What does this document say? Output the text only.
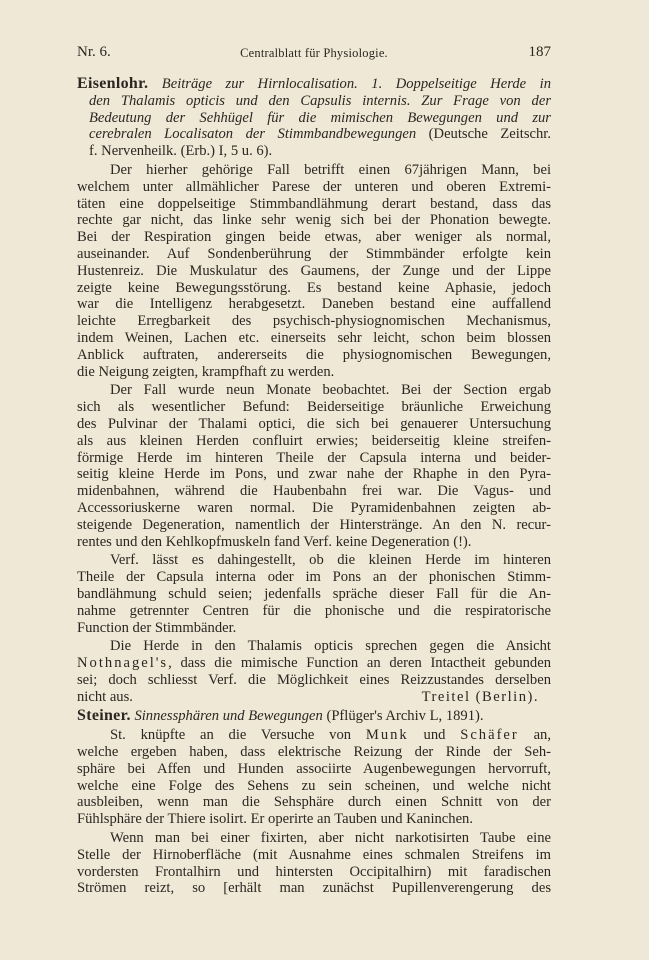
Nr. 6.	Centralblatt für Physiologie.	187
Eisenlohr. Beiträge zur Hirnlocalisation. 1. Doppelseitige Herde in
den Thalamis opticis und den Capsulis internis. Zur Frage von der
Bedeutung der Sehhügel für die mimischen Bewegungen und zur
cerebralen Localisaton der Stimmbandbewegungen (Deutsche Zeitschr.
f. Nervenheilk. (Erb.) I, 5 u. 6).
Der hierher gehörige Fall betrifft einen 67jährigen Mann, bei
welchem unter allmählicher Parese der unteren und oberen Extremi-
täten eine doppelseitige Stimmbandlähmung derart bestand, dass das
rechte gar nicht, das linke sehr wenig sich bei der Phonation bewegte.
Bei der Respiration gingen beide etwas, aber weniger als normal,
auseinander. Auf Sondenberührung der Stimmbänder erfolgte kein
Hustenreiz. Die Muskulatur des Gaumens, der Zunge und der Lippe
zeigte keine Bewegungsstörung. Es bestand keine Aphasie, jedoch
war die Intelligenz herabgesetzt. Daneben bestand eine auffallend
leichte Erregbarkeit des psychisch-physiognomischen Mechanismus,
indem Weinen, Lachen etc. einerseits sehr leicht, schon beim blossen
Anblick auftraten, andererseits die physiognomischen Bewegungen,
die Neigung zeigten, krampfhaft zu werden.
Der Fall wurde neun Monate beobachtet. Bei der Section ergab
sich als wesentlicher Befund: Beiderseitige bräunliche Erweichung
des Pulvinar der Thalami optici, die sich bei genauerer Untersuchung
als aus kleinen Herden confluirt erwies; beiderseitig kleine streifen-
förmige Herde im hinteren Theile der Capsula interna und beider-
seitig kleine Herde im Pons, und zwar nahe der Rhaphe in den Pyra-
midenbahnen, während die Haubenbahn frei war. Die Vagus- und
Accessoriuskerne waren normal. Die Pyramidenbahnen zeigten ab-
steigende Degeneration, namentlich der Hinterstränge. An den N. recur-
rentes und den Kehlkopfmuskeln fand Verf. keine Degeneration (!).
Verf. lässt es dahingestellt, ob die kleinen Herde im hinteren
Theile der Capsula interna oder im Pons an der phonischen Stimm-
bandlähmung schuld seien; jedenfalls spräche dieser Fall für die An-
nahme getrennter Centren für die phonische und die respiratorische
Function der Stimmbänder.
Die Herde in den Thalamis opticis sprechen gegen die Ansicht
Nothnagel's, dass die mimische Function an deren Intactheit gebunden
sei; doch schliesst Verf. die Möglichkeit eines Reizzustandes derselben
nicht aus.	Treitel (Berlin).
Steiner. Sinnessphären und Bewegungen (Pflüger's Archiv L, 1891).
St. knüpfte an die Versuche von Munk und Schäfer an,
welche ergeben haben, dass elektrische Reizung der Rinde der Seh-
sphäre bei Affen und Hunden associirte Augenbewegungen hervorruft,
welche eine Folge des Sehens zu sein scheinen, und welche nicht
ausbleiben, wenn man die Sehsphäre durch einen Schnitt von der
Fühlsphäre der Thiere isolirt. Er operirte an Tauben und Kaninchen.
Wenn man bei einer fixirten, aber nicht narkotisirten Taube eine
Stelle der Hirnoberfläche (mit Ausnahme eines schmalen Streifens im
vordersten Frontalhirn und hintersten Occipitalhirn) mit faradischen
Strömen reizt, so [erhält man zunächst Pupillenverengerung des
